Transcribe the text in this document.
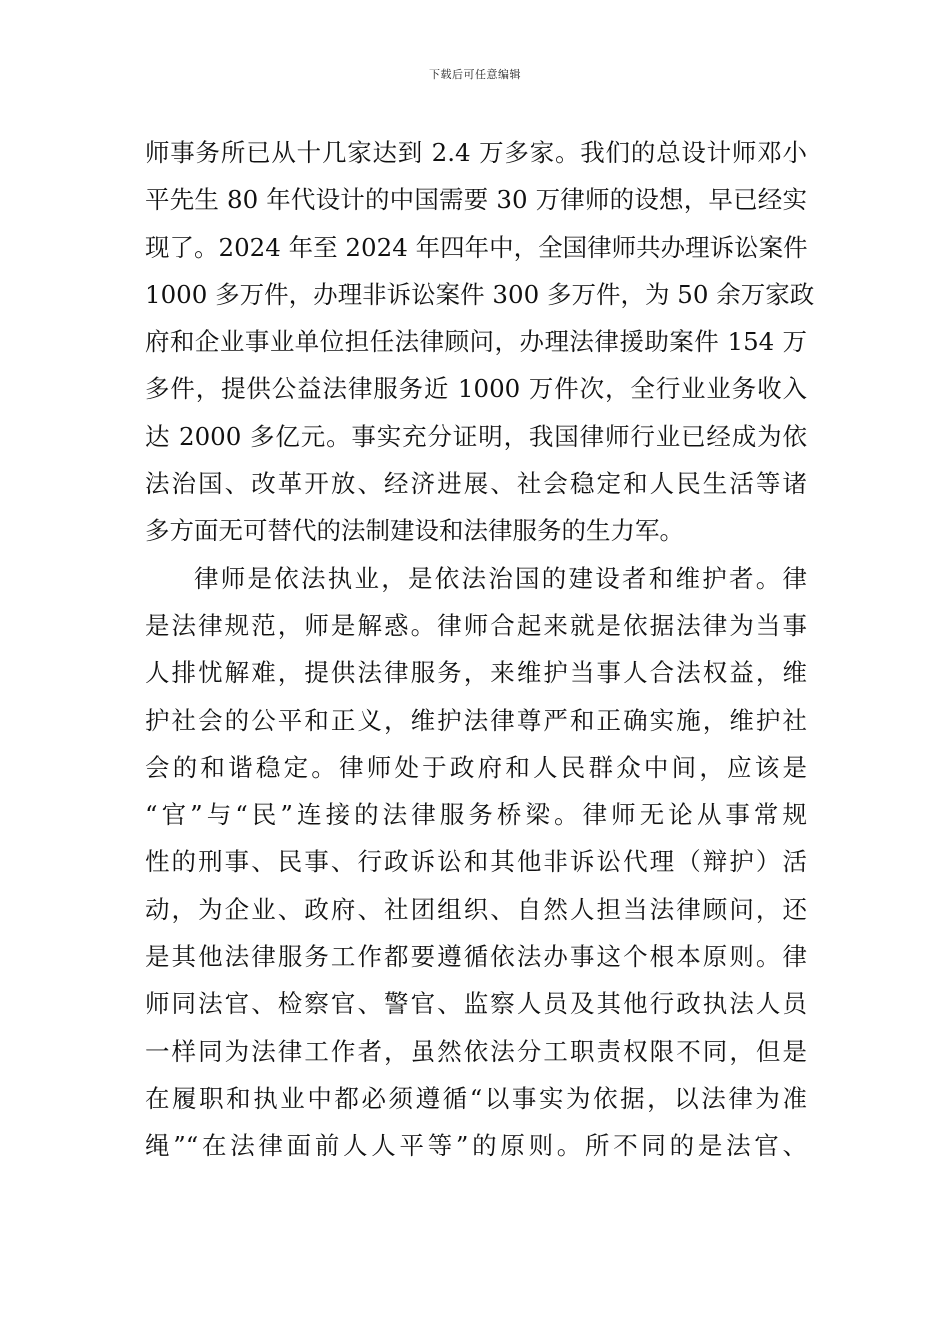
下载后可任意编辑
师事务所已从十几家达到 2.4 万多家。我们的总设计师邓小
平先生 80 年代设计的中国需要 30 万律师的设想，早已经实
现了。2024 年至 2024 年四年中，全国律师共办理诉讼案件
1000 多万件，办理非诉讼案件 300 多万件，为 50 余万家政
府和企业事业单位担任法律顾问，办理法律援助案件 154 万
多件，提供公益法律服务近 1000 万件次，全行业业务收入
达 2000 多亿元。事实充分证明，我国律师行业已经成为依
法治国、改革开放、经济进展、社会稳定和人民生活等诸
多方面无可替代的法制建设和法律服务的生力军。
律师是依法执业，是依法治国的建设者和维护者。律
是法律规范，师是解惑。律师合起来就是依据法律为当事
人排忧解难，提供法律服务，来维护当事人合法权益，维
护社会的公平和正义，维护法律尊严和正确实施，维护社
会的和谐稳定。律师处于政府和人民群众中间，应该是
“官”与“民”连接的法律服务桥梁。律师无论从事常规
性的刑事、民事、行政诉讼和其他非诉讼代理（辩护）活
动，为企业、政府、社团组织、自然人担当法律顾问，还
是其他法律服务工作都要遵循依法办事这个根本原则。律
师同法官、检察官、警官、监察人员及其他行政执法人员
一样同为法律工作者，虽然依法分工职责权限不同，但是
在履职和执业中都必须遵循“以事实为依据，以法律为准
绳”“在法律面前人人平等”的原则。所不同的是法官、
